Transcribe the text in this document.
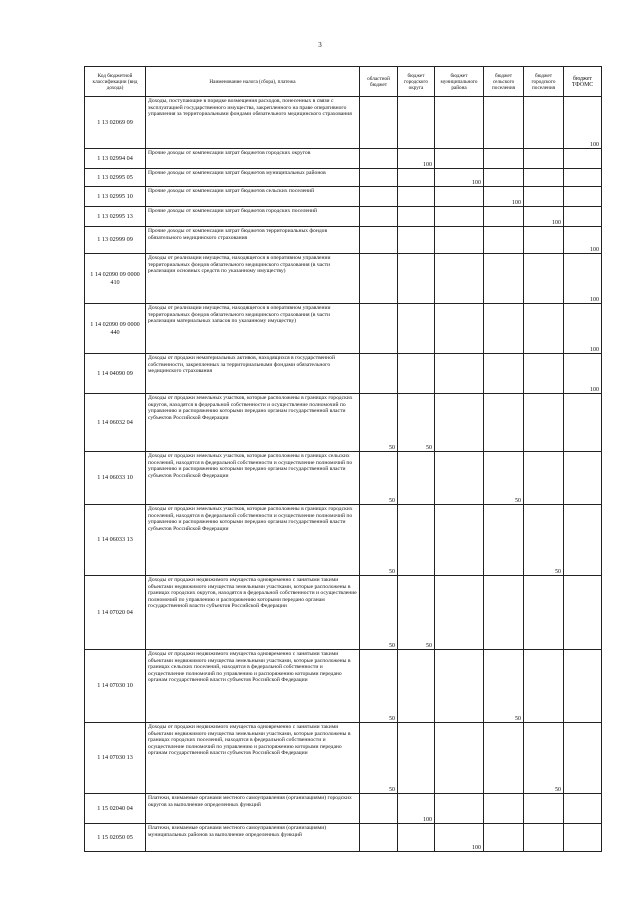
3
Код бюджетной классификации (вид дохода)	Наименование налога (сбора), платежа	областной бюджет	бюджет городского округа	бюджет муниципального района	бюджет сельского поселения	бюджет городского поселения	бюджет ТФОМС
1 13 02069 09	Доходы, поступающие в порядке возмещения расходов, понесенных в связи с эксплуатацией государственного имущества, закрепленного на праве оперативного управления за территориальными фондами обязательного медицинского страхования						100
1 13 02994 04	Прочие доходы от компенсации затрат бюджетов городских округов		100				
1 13 02995 05	Прочие доходы от компенсации затрат бюджетов муниципальных районов			100			
1 13 02995 10	Прочие доходы от компенсации затрат бюджетов сельских поселений				100		
1 13 02995 13	Прочие доходы от компенсации затрат бюджетов городских поселений					100	
1 13 02999 09	Прочие доходы от компенсации затрат бюджетов территориальных фондов обязательного медицинского страхования						100
1 14 02090 09 0000 410	Доходы от реализации имущества, находящегося в оперативном управлении территориальных фондов обязательного медицинского страхования (в части реализации основных средств по указанному имуществу)						100
1 14 02090 09 0000 440	Доходы от реализации имущества, находящегося в оперативном управлении территориальных фондов обязательного медицинского страхования (в части реализации материальных запасов по указанному имуществу)						100
1 14 04090 09	Доходы от продажи нематериальных активов, находящихся в государственной собственности, закрепленных за территориальными фондами обязательного медицинского страхования						100
1 14 06032 04	Доходы от продажи земельных участков, которые расположены в границах городских округов, находятся в федеральной собственности и осуществление полномочий по управлению и распоряжению которыми передано органам государственной власти субъектов Российской Федерации	50	50				
1 14 06033 10	Доходы от продажи земельных участков, которые расположены в границах сельских поселений, находятся в федеральной собственности и осуществление полномочий по управлению и распоряжению которыми передано органам государственной власти субъектов Российской Федерации	50			50		
1 14 06033 13	Доходы от продажи земельных участков, которые расположены в границах городских поселений, находятся в федеральной собственности и осуществление полномочий по управлению и распоряжению которыми передано органам государственной власти субъектов Российской Федерации	50				50	
1 14 07020 04	Доходы от продажи недвижимого имущества одновременно с занятыми такими объектами недвижимого имущества земельными участками, которые расположены в границах городских округов, находятся в федеральной собственности и осуществление полномочий по управлению и распоряжению которыми передано органам государственной власти субъектов Российской Федерации	50	50				
1 14 07030 10	Доходы от продажи недвижимого имущества одновременно с занятыми такими объектами недвижимого имущества земельными участками, которые расположены в границах сельских поселений, находятся в федеральной собственности и осуществление полномочий по управлению и распоряжению которыми передано органам государственной власти субъектов Российской Федерации	50			50		
1 14 07030 13	Доходы от продажи недвижимого имущества одновременно с занятыми такими объектами недвижимого имущества земельными участками, которые расположены в границах городских поселений, находятся в федеральной собственности и осуществление полномочий по управлению и распоряжению которыми передано органам государственной власти субъектов Российской Федерации	50				50	
1 15 02040 04	Платежи, взимаемые органами местного самоуправления (организациями) городских округов за выполнение определенных функций		100				
1 15 02050 05	Платежи, взимаемые органами местного самоуправления (организациями) муниципальных районов за выполнение определенных функций			100			
